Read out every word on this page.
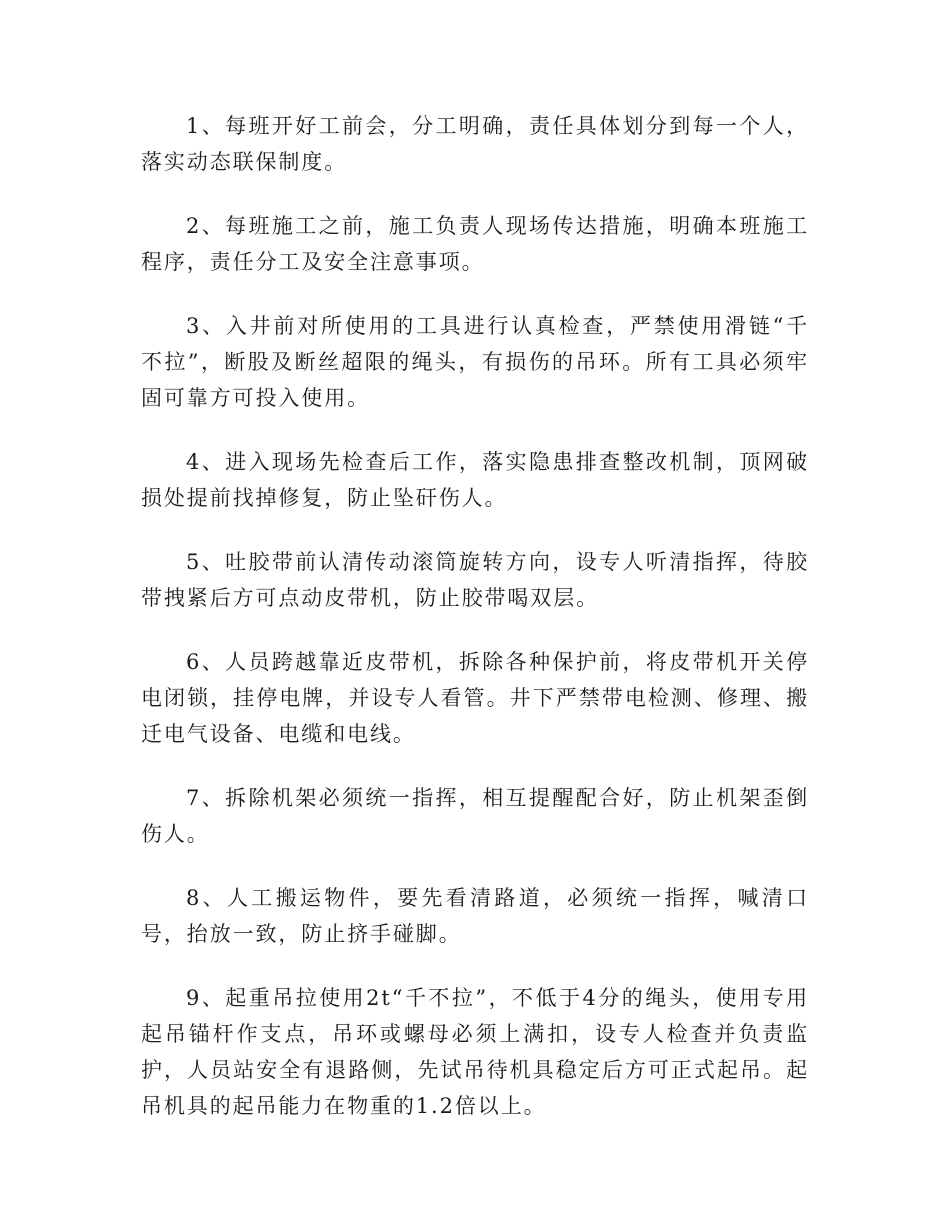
1、每班开好工前会，分工明确，责任具体划分到每一个人，落实动态联保制度。

2、每班施工之前，施工负责人现场传达措施，明确本班施工程序，责任分工及安全注意事项。

3、入井前对所使用的工具进行认真检查，严禁使用滑链“千不拉”，断股及断丝超限的绳头，有损伤的吊环。所有工具必须牢固可靠方可投入使用。

4、进入现场先检查后工作，落实隐患排查整改机制，顶网破损处提前找掉修复，防止坠矸伤人。

5、吐胶带前认清传动滚筒旋转方向，设专人听清指挥，待胶带拽紧后方可点动皮带机，防止胶带喝双层。

6、人员跨越靠近皮带机，拆除各种保护前，将皮带机开关停电闭锁，挂停电牌，并设专人看管。井下严禁带电检测、修理、搬迁电气设备、电缆和电线。

7、拆除机架必须统一指挥，相互提醒配合好，防止机架歪倒伤人。

8、人工搬运物件，要先看清路道，必须统一指挥，喊清口号，抬放一致，防止挤手碰脚。

9、起重吊拉使用2t“千不拉”，不低于4分的绳头，使用专用起吊锚杆作支点，吊环或螺母必须上满扣，设专人检查并负责监护，人员站安全有退路侧，先试吊待机具稳定后方可正式起吊。起吊机具的起吊能力在物重的1.2倍以上。
